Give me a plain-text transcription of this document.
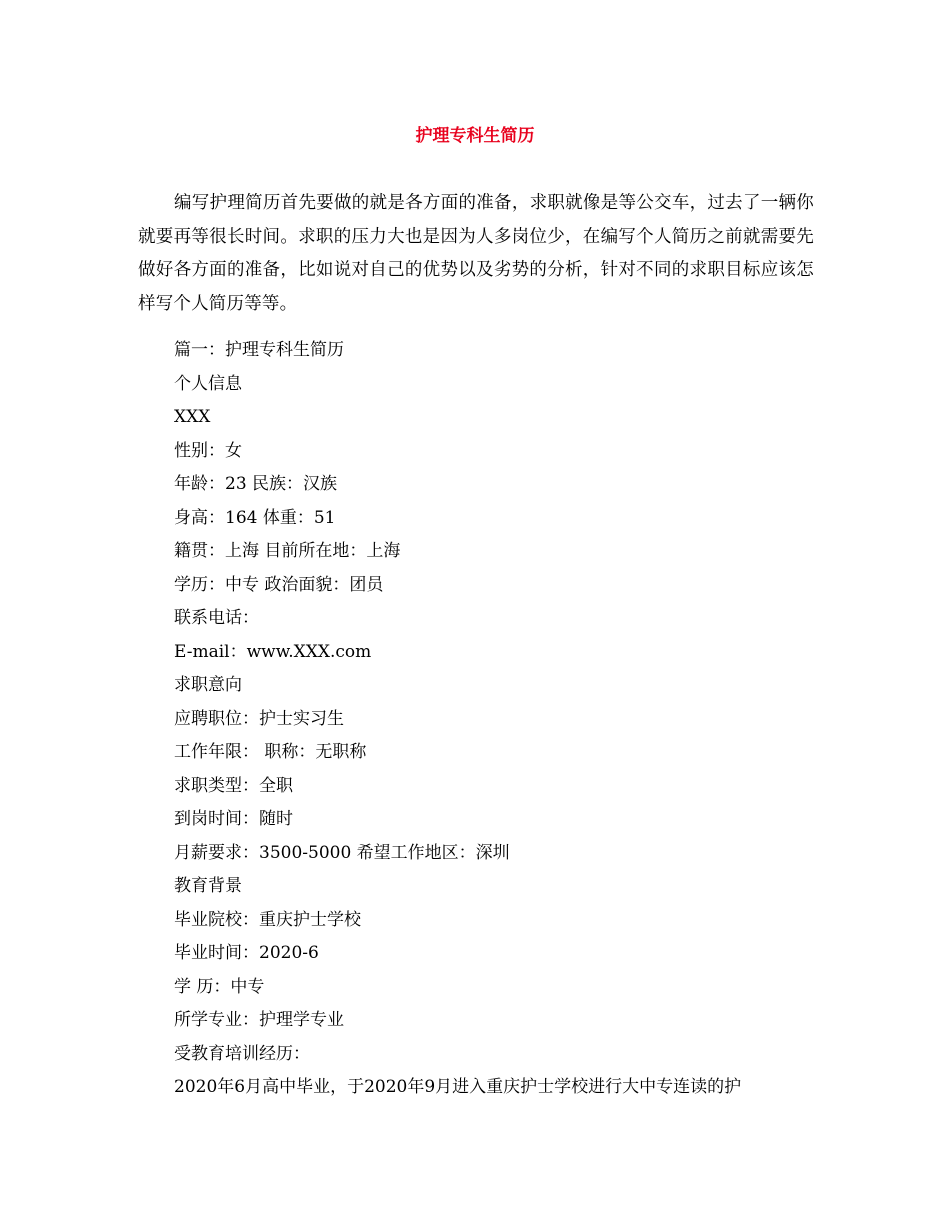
护理专科生简历

编写护理简历首先要做的就是各方面的准备，求职就像是等公交车，过去了一辆你就要再等很长时间。求职的压力大也是因为人多岗位少，在编写个人简历之前就需要先做好各方面的准备，比如说对自己的优势以及劣势的分析，针对不同的求职目标应该怎样写个人简历等等。

篇一：护理专科生简历
个人信息
XXX
性别：女
年龄：23 民族：汉族
身高：164 体重：51
籍贯：上海 目前所在地：上海
学历：中专 政治面貌：团员
联系电话：
E-mail：www.XXX.com
求职意向
应聘职位：护士实习生
工作年限： 职称：无职称
求职类型：全职
到岗时间：随时
月薪要求：3500-5000 希望工作地区：深圳
教育背景
毕业院校：重庆护士学校
毕业时间：2020-6
学 历：中专
所学专业：护理学专业
受教育培训经历：
2020年6月高中毕业，于2020年9月进入重庆护士学校进行大中专连读的护
